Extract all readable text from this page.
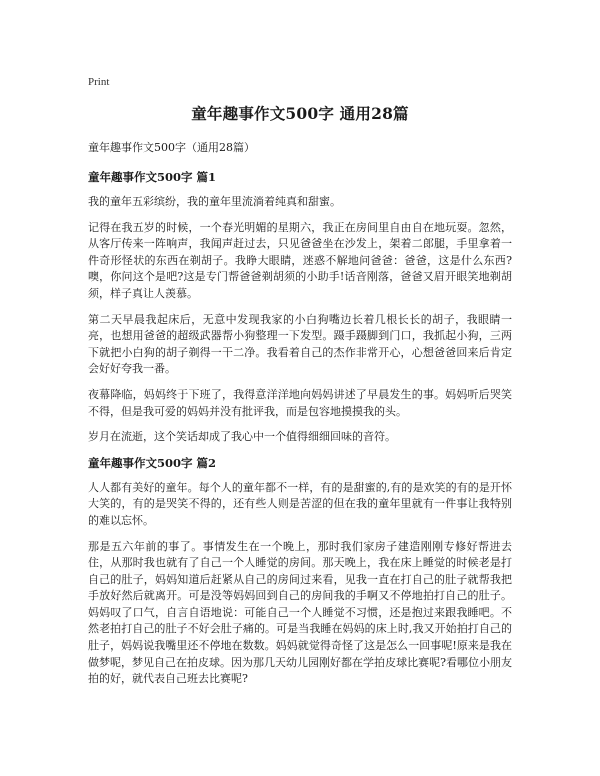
Print
童年趣事作文500字 通用28篇
童年趣事作文500字（通用28篇）
童年趣事作文500字 篇1

我的童年五彩缤纷，我的童年里流淌着纯真和甜蜜。

记得在我五岁的时候，一个春光明媚的星期六，我正在房间里自由自在地玩耍。忽然，从客厅传来一阵响声，我闻声赶过去，只见爸爸坐在沙发上，架着二郎腿，手里拿着一件奇形怪状的东西在剃胡子。我睁大眼睛，迷惑不解地问爸爸：爸爸，这是什么东西?噢，你问这个是吧?这是专门帮爸爸剃胡须的小助手!话音刚落，爸爸又眉开眼笑地剃胡须，样子真让人羡慕。

第二天早晨我起床后，无意中发现我家的小白狗嘴边长着几根长长的胡子，我眼睛一亮，也想用爸爸的超级武器帮小狗整理一下发型。蹑手蹑脚到门口，我抓起小狗，三两下就把小白狗的胡子剃得一干二净。我看着自己的杰作非常开心，心想爸爸回来后肯定会好好夸我一番。

夜幕降临，妈妈终于下班了，我得意洋洋地向妈妈讲述了早晨发生的事。妈妈听后哭笑不得，但是我可爱的妈妈并没有批评我，而是包容地摸摸我的头。

岁月在流逝，这个笑话却成了我心中一个值得细细回味的音符。

童年趣事作文500字 篇2

人人都有美好的童年。每个人的童年都不一样，有的是甜蜜的,有的是欢笑的有的是开怀大笑的，有的是哭笑不得的，还有些人则是苦涩的但在我的童年里就有一件事让我特别的难以忘怀。

那是五六年前的事了。事情发生在一个晚上，那时我们家房子建造刚刚专修好帮进去住，从那时我也就有了自己一个人睡觉的房间。那天晚上，我在床上睡觉的时候老是打自己的肚子，妈妈知道后赶紧从自己的房间过来看，见我一直在打自己的肚子就帮我把手放好然后就离开。可是没等妈妈回到自己的房间我的手啊又不停地拍打自己的肚子。妈妈叹了口气，自言自语地说：可能自己一个人睡觉不习惯，还是抱过来跟我睡吧。不然老拍打自己的肚子不好会肚子痛的。可是当我睡在妈妈的床上时,我又开始拍打自己的肚子，妈妈说我嘴里还不停地在数数。妈妈就觉得奇怪了这是怎么一回事呢!原来是我在做梦呢，梦见自己在拍皮球。因为那几天幼儿园刚好都在学拍皮球比赛呢?看哪位小朋友拍的好，就代表自己班去比赛呢?
